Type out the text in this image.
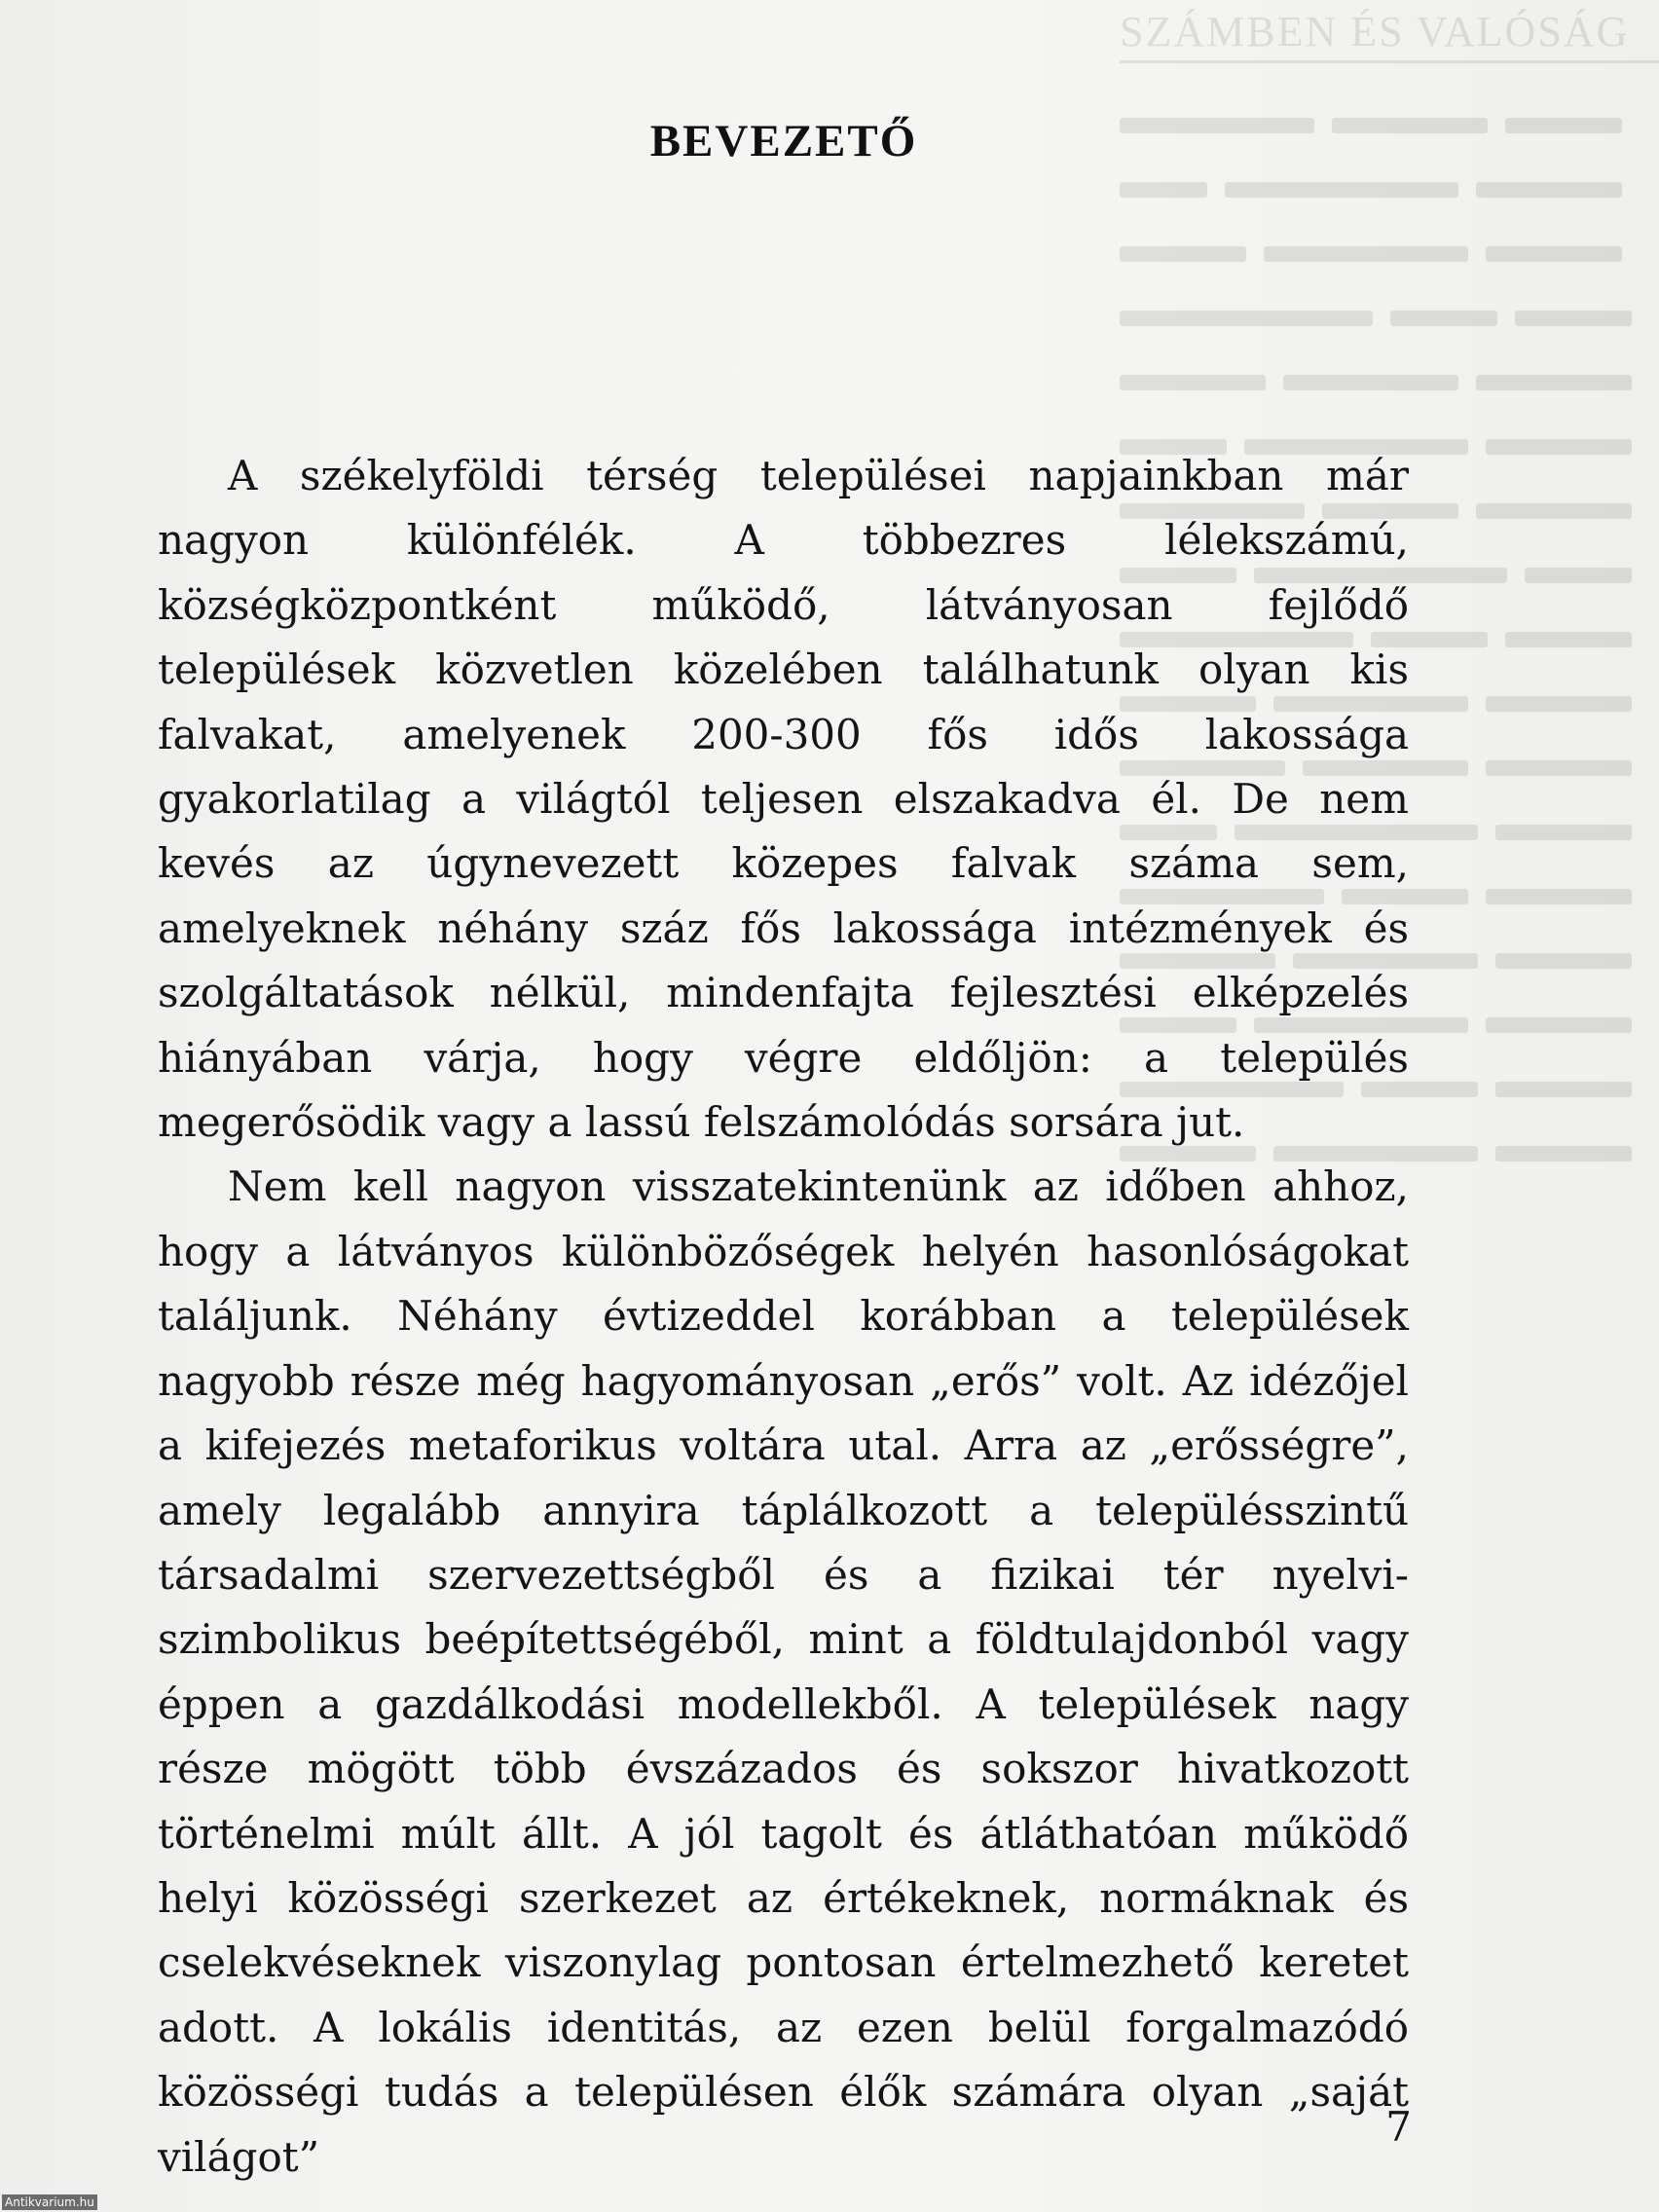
SZÁMBEN ÉS VALÓSÁG
BEVEZETŐ

A székelyföldi térség települései napjainkban már nagyon különfélék. A többezres lélekszámú, községközpontként működő, látványosan fejlődő települések közvetlen közelében találhatunk olyan kis falvakat, amelyenek 200-300 fős idős lakossága gyakorlatilag a világtól teljesen elszakadva él. De nem kevés az úgynevezett közepes falvak száma sem, amelyeknek néhány száz fős lakossága intézmények és szolgáltatások nélkül, mindenfajta fejlesztési elképzelés hiányában várja, hogy végre eldőljön: a település megerősödik vagy a lassú felszámolódás sorsára jut.

Nem kell nagyon visszatekintenünk az időben ahhoz, hogy a látványos különbözőségek helyén hasonlóságokat találjunk. Néhány évtizeddel korábban a települések nagyobb része még hagyományosan „erős” volt. Az idézőjel a kifejezés metaforikus voltára utal. Arra az „erősségre”, amely legalább annyira táplálkozott a településszintű társadalmi szervezettségből és a fizikai tér nyelvi-szimbolikus beépítettségéből, mint a földtulajdonból vagy éppen a gazdálkodási modellekből. A települések nagy része mögött több évszázados és sokszor hivatkozott történelmi múlt állt. A jól tagolt és átláthatóan működő helyi közösségi szerkezet az értékeknek, normáknak és cselekvéseknek viszonylag pontosan értelmezhető keretet adott. A lokális identitás, az ezen belül forgalmazódó közösségi tudás a településen élők számára olyan „saját világot”

7
Antikvarium.hu
